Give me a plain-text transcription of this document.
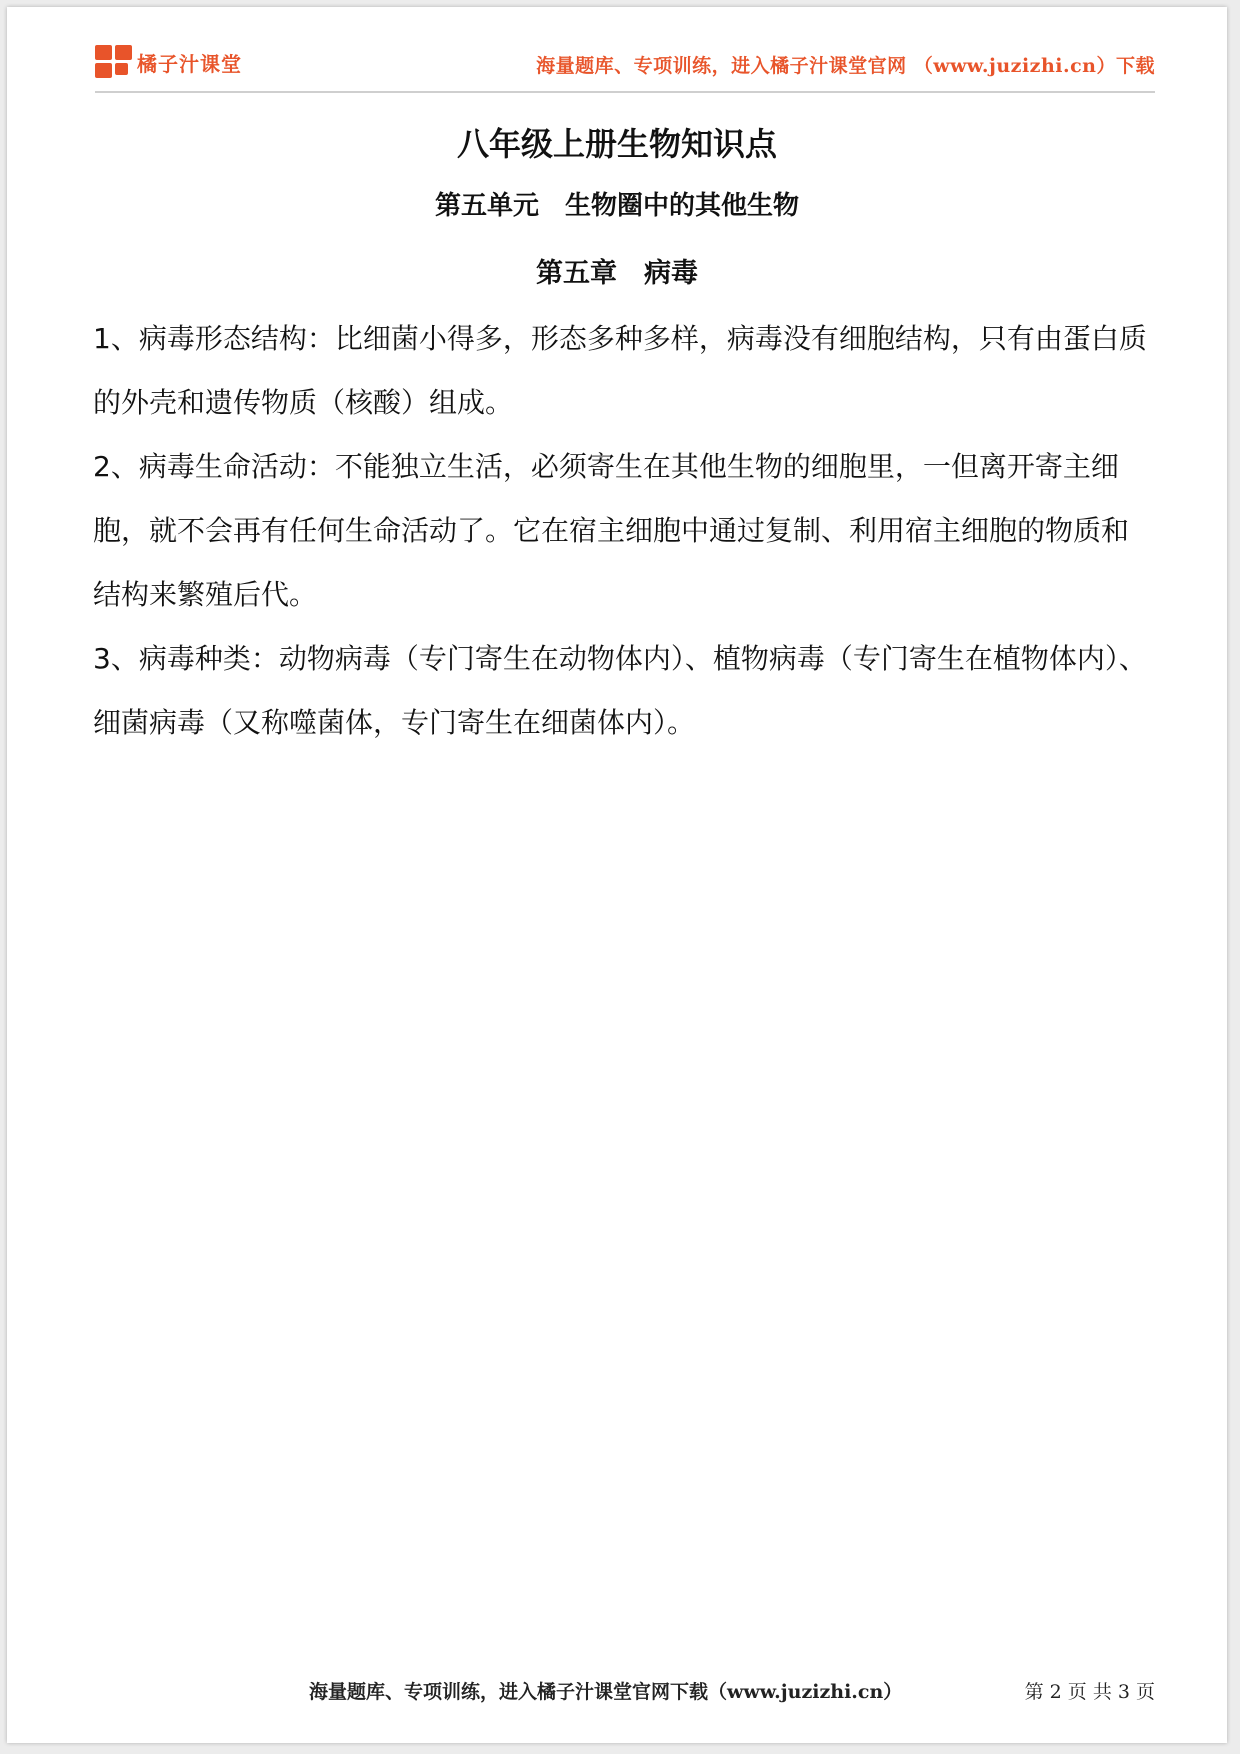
橘子汁课堂	海量题库、专项训练，进入橘子汁课堂官网 （www.juzizhi.cn）下载
八年级上册生物知识点
第五单元　生物圈中的其他生物
第五章　病毒

1、病毒形态结构：比细菌小得多，形态多种多样，病毒没有细胞结构，只有由蛋白质的外壳和遗传物质（核酸）组成。

2、病毒生命活动：不能独立生活，必须寄生在其他生物的细胞里，一但离开寄主细胞，就不会再有任何生命活动了。它在宿主细胞中通过复制、利用宿主细胞的物质和结构来繁殖后代。

3、病毒种类：动物病毒（专门寄生在动物体内）、植物病毒（专门寄生在植物体内）、细菌病毒（又称噬菌体，专门寄生在细菌体内）。

海量题库、专项训练，进入橘子汁课堂官网下载（www.juzizhi.cn）	第 2 页 共 3 页
